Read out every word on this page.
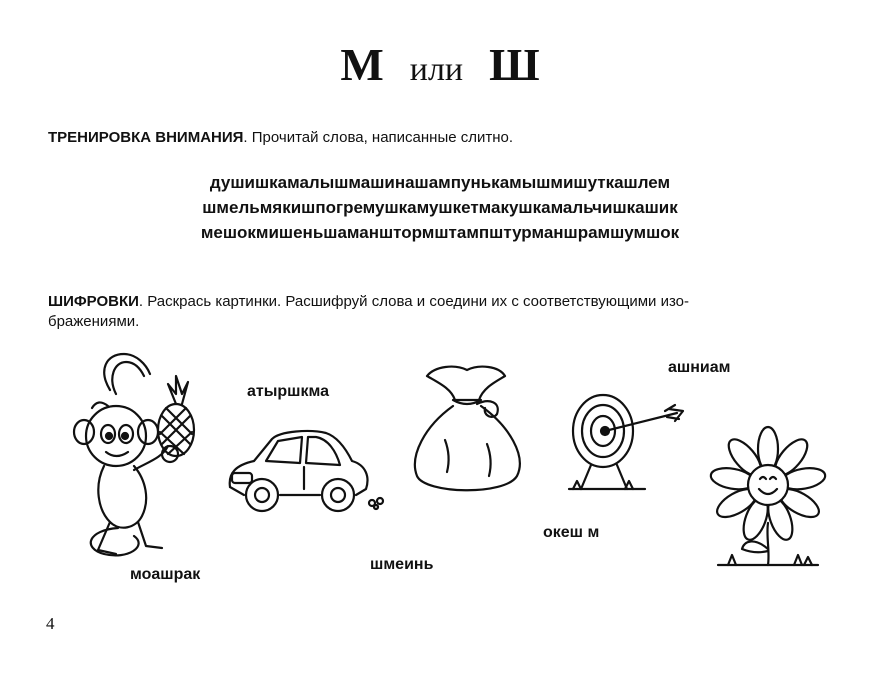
М или Ш
ТРЕНИРОВКА ВНИМАНИЯ. Прочитай слова, написанные слитно.
душишкамалышмашинашампунькамышмишуткашлем
шмельмякишпогремушкамушкетмакушкамальчишкашик
мешокмишеньшаманштормштампштурманшрамшумшок
ШИФРОВКИ. Раскрась картинки. Расшифруй слова и соедини их с соответствующими изо-
бражениями.
моашрак
атыршкма
шмеинь
океш м
ашниам
4
